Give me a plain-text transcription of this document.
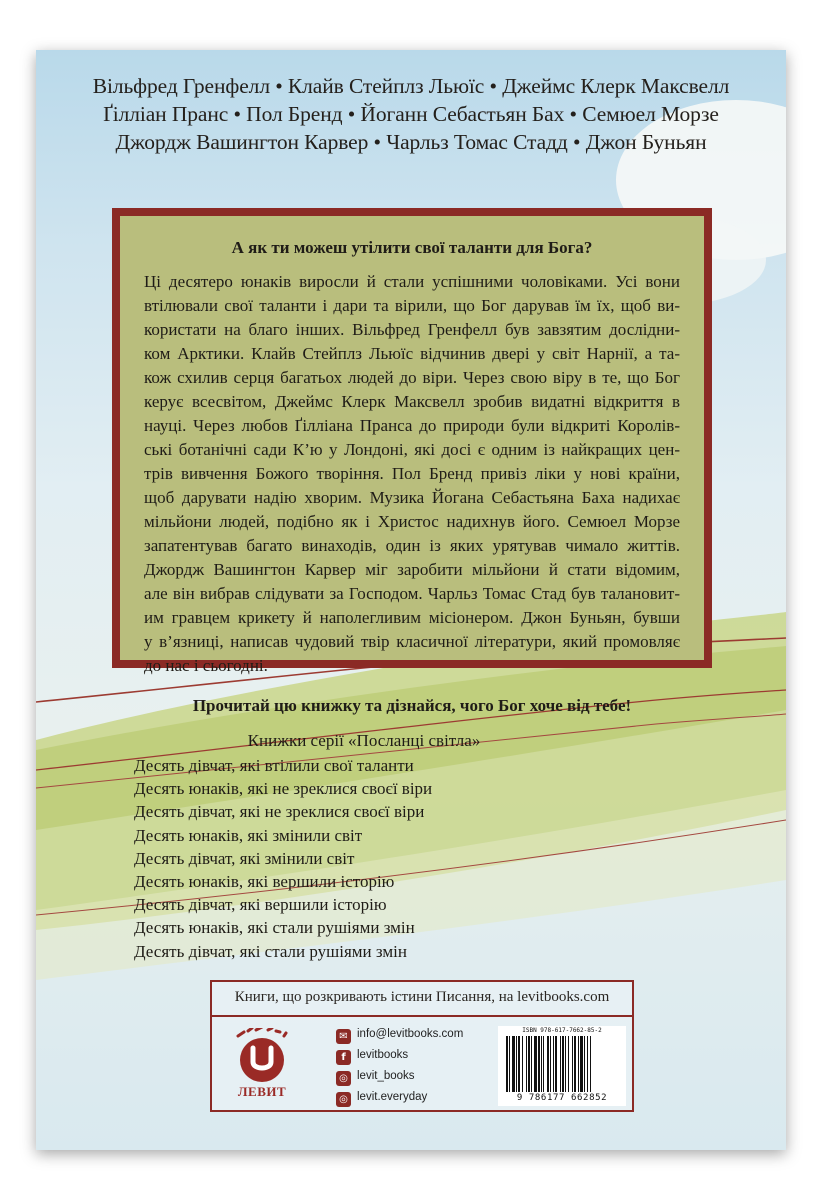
Вільфред Гренфелл • Клайв Стейплз Льюїс • Джеймс Клерк Максвелл
Ґілліан Пранс • Пол Бренд • Йоганн Себастьян Бах • Семюел Морзе
Джордж Вашингтон Карвер • Чарльз Томас Стадд • Джон Буньян
А як ти можеш утілити свої таланти для Бога?

Ці десятеро юнаків виросли й стали успішними чоловіками. Усі вони
втілювали свої таланти і дари та вірили, що Бог дарував їм їх, щоб ви-
користати на благо інших. Вільфред Гренфелл був завзятим дослідни-
ком Арктики. Клайв Стейплз Льюїс відчинив двері у світ Нарнії, а та-
кож схилив серця багатьох людей до віри. Через свою віру в те, що Бог
керує всесвітом, Джеймс Клерк Максвелл зробив видатні відкриття в
науці. Через любов Ґілліана Пранса до природи були відкриті Королів-
ські ботанічні сади К’ю у Лондоні, які досі є одним із найкращих цен-
трів вивчення Божого творіння. Пол Бренд привіз ліки у нові країни,
щоб дарувати надію хворим. Музика Йогана Себастьяна Баха надихає
мільйони людей, подібно як і Христос надихнув його. Семюел Морзе
запатентував багато винаходів, один із яких урятував чимало життів.
Джордж Вашингтон Карвер міг заробити мільйони й стати відомим,
але він вибрав слідувати за Господом. Чарльз Томас Стад був талановит-
им гравцем крикету й наполегливим місіонером. Джон Буньян, бувши
у в’язниці, написав чудовий твір класичної літератури, який промовляє
до нас і сьогодні.

Прочитай цю книжку та дізнайся, чого Бог хоче від тебе!

Книжки серії «Посланці світла»
Десять дівчат, які втілили свої таланти
Десять юнаків, які не зреклися своєї віри
Десять дівчат, які не зреклися своєї віри
Десять юнаків, які змінили світ
Десять дівчат, які змінили світ
Десять юнаків, які вершили історію
Десять дівчат, які вершили історію
Десять юнаків, які стали рушіями змін
Десять дівчат, які стали рушіями змін
Книги, що розкривають істини Писання, на levitbooks.com
ЛЕВИТ
✉ info@levitbooks.com
f levitbooks
◎ levit_books
◎ levit.everyday
ISBN 978-617-7662-85-2
9 786177 662852
